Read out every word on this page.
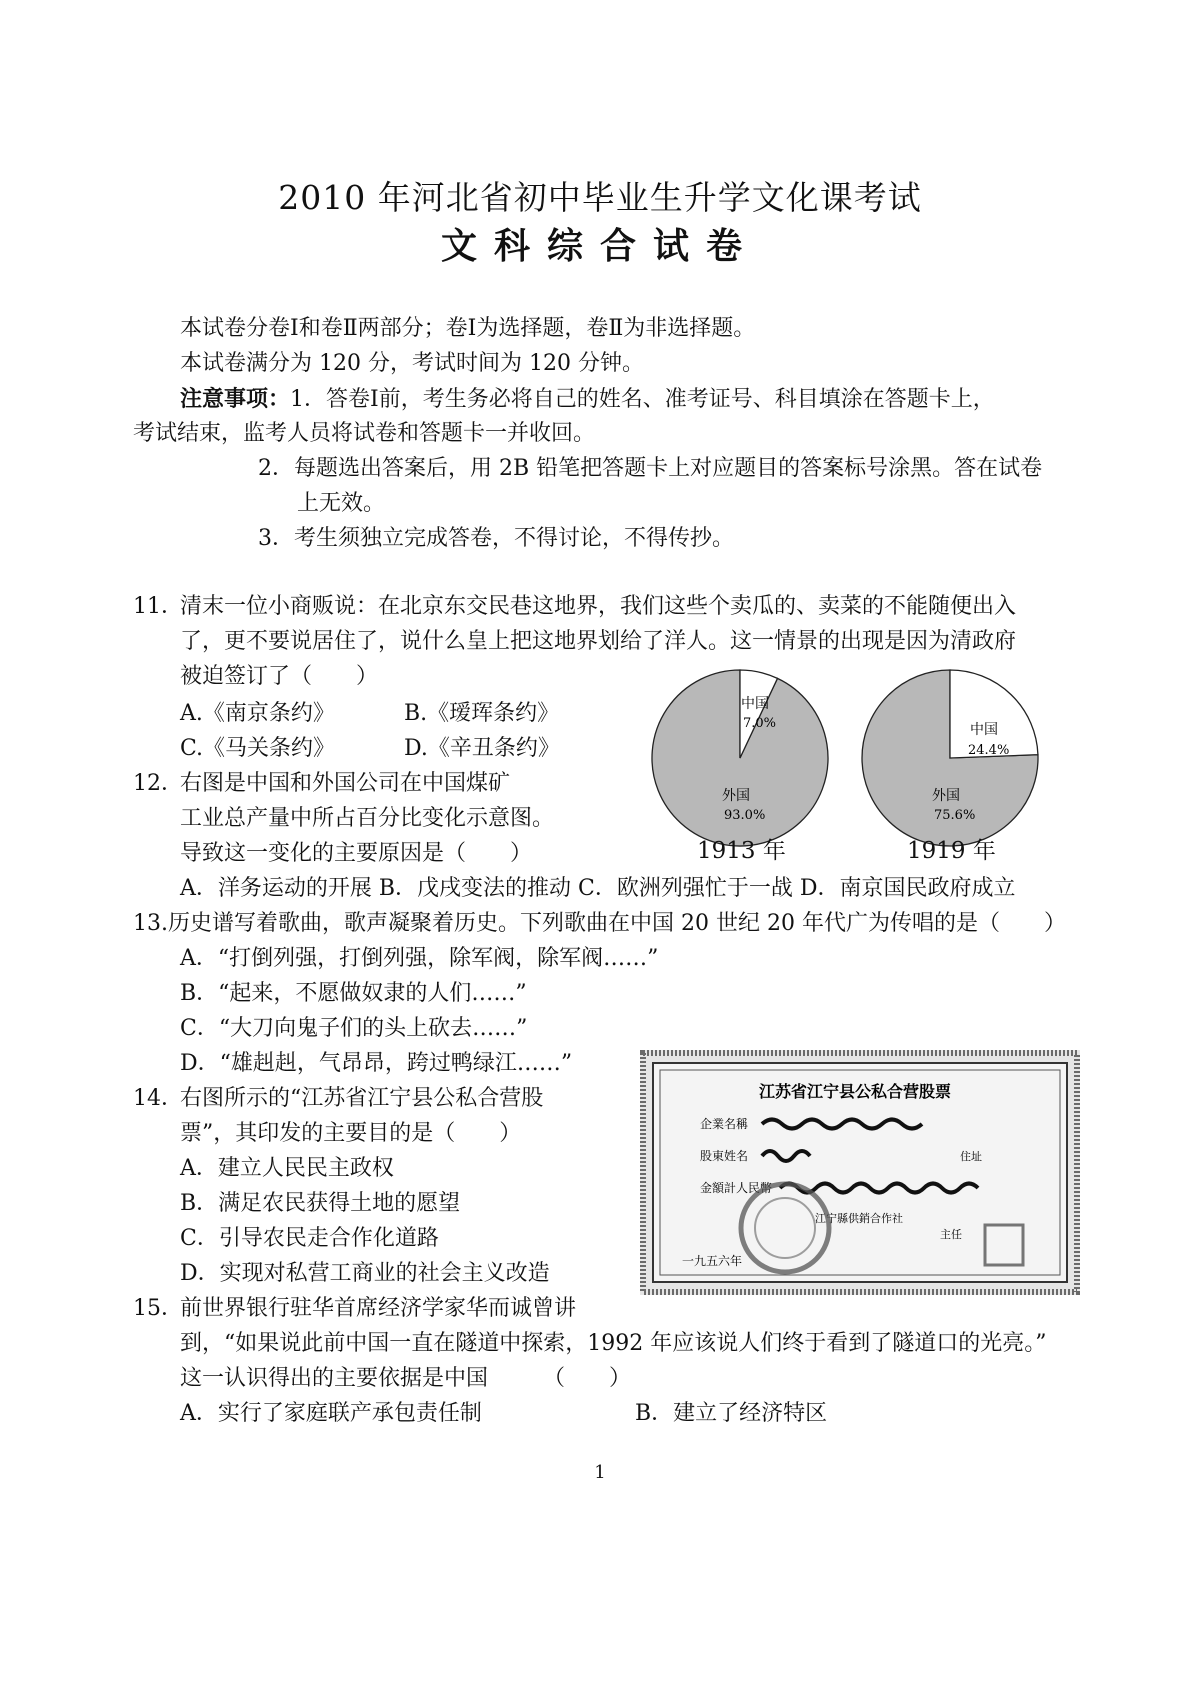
2010 年河北省初中毕业生升学文化课考试
文科综合试卷
本试卷分卷Ⅰ和卷Ⅱ两部分；卷Ⅰ为选择题，卷Ⅱ为非选择题。
本试卷满分为 120 分，考试时间为 120 分钟。
注意事项：1．答卷Ⅰ前，考生务必将自己的姓名、准考证号、科目填涂在答题卡上，
考试结束，监考人员将试卷和答题卡一并收回。
2．每题选出答案后，用 2B 铅笔把答题卡上对应题目的答案标号涂黑。答在试卷
上无效。
3．考生须独立完成答卷，不得讨论，不得传抄。
11．
清末一位小商贩说：在北京东交民巷这地界，我们这些个卖瓜的、卖菜的不能随便出入
了，更不要说居住了，说什么皇上把这地界划给了洋人。这一情景的出现是因为清政府
被迫签订了（　　）
A.《南京条约》	B.《瑷珲条约》
C.《马关条约》	D.《辛丑条约》
中国
7.0%
外国
93.0%
中国
24.4%
外国
75.6%
1913 年	1919 年
12．
右图是中国和外国公司在中国煤矿
工业总产量中所占百分比变化示意图。
导致这一变化的主要原因是（　　）
A．洋务运动的开展 B．戊戌变法的推动 C．欧洲列强忙于一战 D．南京国民政府成立
13. 历史谱写着歌曲，歌声凝聚着历史。下列歌曲在中国 20 世纪 20 年代广为传唱的是（　　）
A．“打倒列强，打倒列强，除军阀，除军阀……”
B．“起来，不愿做奴隶的人们……”
C．“大刀向鬼子们的头上砍去……”
D．“雄赳赳，气昂昂，跨过鸭绿江……”
14．
右图所示的“江苏省江宁县公私合营股
票”，其印发的主要目的是（　　）
A．建立人民民主政权
B．满足农民获得土地的愿望
C．引导农民走合作化道路
D．实现对私营工商业的社会主义改造
江苏省江宁县公私合营股票
企業名稱
股東姓名	住址
金額計人民幣
江宁縣供銷合作社
主任
一九五六年
15．
前世界银行驻华首席经济学家华而诚曾讲
到，“如果说此前中国一直在隧道中探索，1992 年应该说人们终于看到了隧道口的光亮。”
这一认识得出的主要依据是中国　　　（　　）
A．实行了家庭联产承包责任制	B．建立了经济特区
1
